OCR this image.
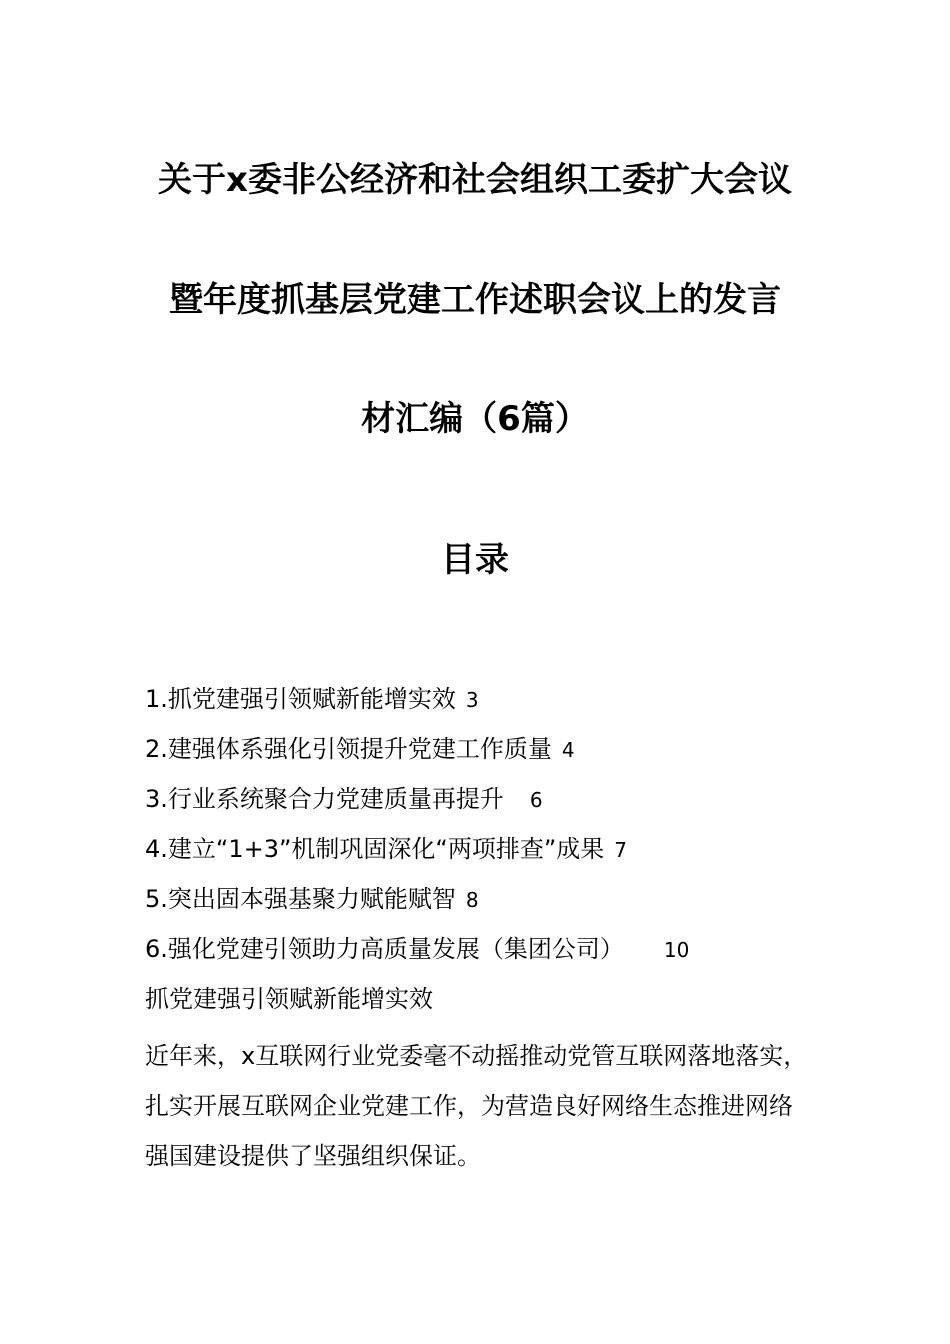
关于x委非公经济和社会组织工委扩大会议
暨年度抓基层党建工作述职会议上的发言
材汇编（6篇）
目录
1.抓党建强引领赋新能增实效 3
2.建强体系强化引领提升党建工作质量 4
3.行业系统聚合力党建质量再提升 6
4.建立“1+3”机制巩固深化“两项排查”成果 7
5.突出固本强基聚力赋能赋智 8
6.强化党建引领助力高质量发展（集团公司） 10
抓党建强引领赋新能增实效

近年来，x互联网行业党委毫不动摇推动党管互联网落地落实，扎实开展互联网企业党建工作，为营造良好网络生态推进网络强国建设提供了坚强组织保证。
